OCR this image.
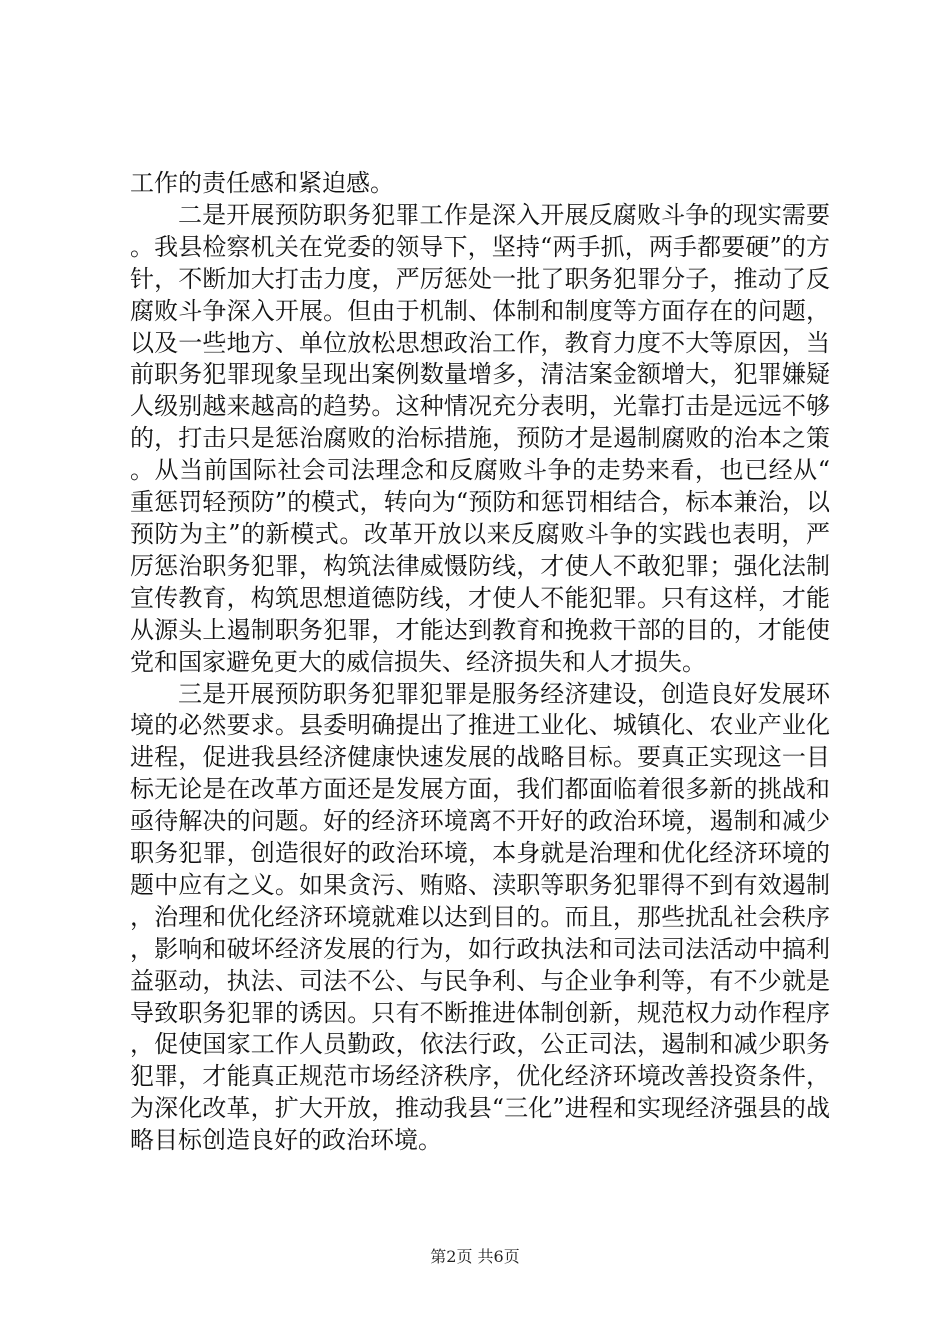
工作的责任感和紧迫感。

二是开展预防职务犯罪工作是深入开展反腐败斗争的现实需要。我县检察机关在党委的领导下，坚持“两手抓，两手都要硬”的方针，不断加大打击力度，严厉惩处一批了职务犯罪分子，推动了反腐败斗争深入开展。但由于机制、体制和制度等方面存在的问题，以及一些地方、单位放松思想政治工作，教育力度不大等原因，当前职务犯罪现象呈现出案例数量增多，清洁案金额增大，犯罪嫌疑人级别越来越高的趋势。这种情况充分表明，光靠打击是远远不够的，打击只是惩治腐败的治标措施，预防才是遏制腐败的治本之策。从当前国际社会司法理念和反腐败斗争的走势来看，也已经从“重惩罚轻预防”的模式，转向为“预防和惩罚相结合，标本兼治，以预防为主”的新模式。改革开放以来反腐败斗争的实践也表明，严厉惩治职务犯罪，构筑法律威慑防线，才使人不敢犯罪；强化法制宣传教育，构筑思想道德防线，才使人不能犯罪。只有这样，才能从源头上遏制职务犯罪，才能达到教育和挽救干部的目的，才能使党和国家避免更大的威信损失、经济损失和人才损失。

三是开展预防职务犯罪犯罪是服务经济建设，创造良好发展环境的必然要求。县委明确提出了推进工业化、城镇化、农业产业化进程，促进我县经济健康快速发展的战略目标。要真正实现这一目标无论是在改革方面还是发展方面，我们都面临着很多新的挑战和亟待解决的问题。好的经济环境离不开好的政治环境，遏制和减少职务犯罪，创造很好的政治环境，本身就是治理和优化经济环境的题中应有之义。如果贪污、贿赂、渎职等职务犯罪得不到有效遏制，治理和优化经济环境就难以达到目的。而且，那些扰乱社会秩序，影响和破坏经济发展的行为，如行政执法和司法司法活动中搞利益驱动，执法、司法不公、与民争利、与企业争利等，有不少就是导致职务犯罪的诱因。只有不断推进体制创新，规范权力动作程序，促使国家工作人员勤政，依法行政，公正司法，遏制和减少职务犯罪，才能真正规范市场经济秩序，优化经济环境改善投资条件，为深化改革，扩大开放，推动我县“三化”进程和实现经济强县的战略目标创造良好的政治环境。

第2页 共6页
